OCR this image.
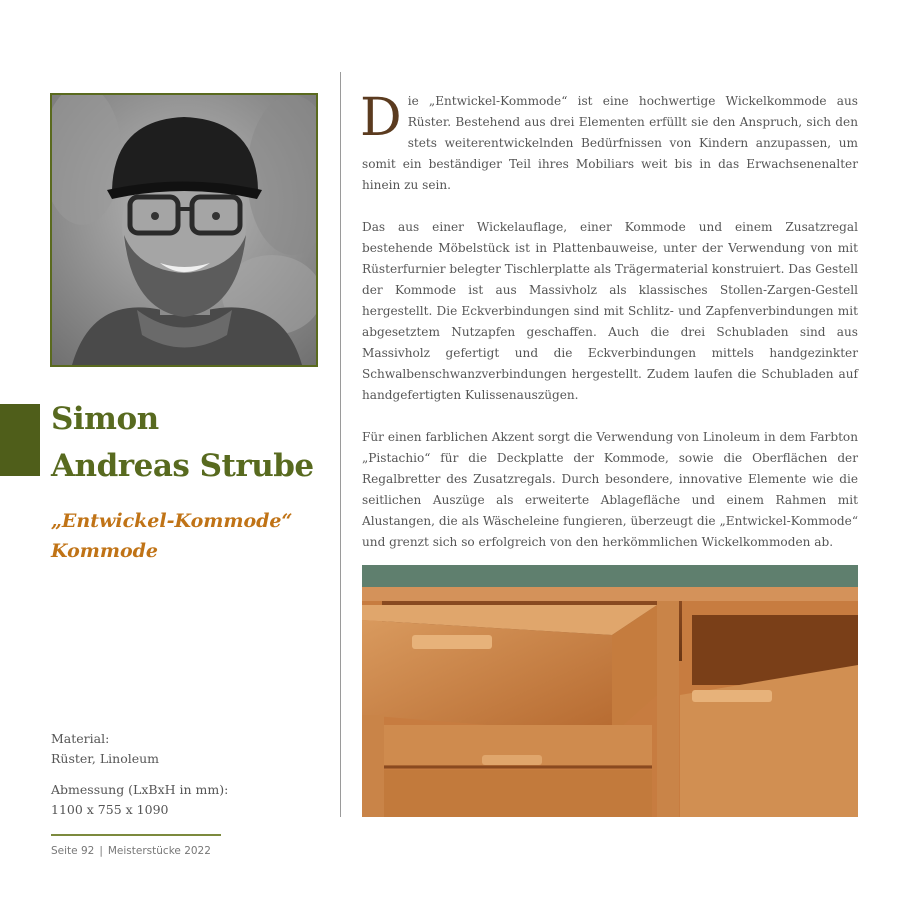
Simon
Andreas Strube
„Entwickel-Kommode“
Kommode
Material:
Rüster, Linoleum
Abmessung (LxBxH in mm):
1100 x 755 x 1090
Seite 92 | Meisterstücke 2022

Die „Entwickel-Kommode“ ist eine hochwertige Wickelkommode aus Rüster. Bestehend aus drei Elementen erfüllt sie den Anspruch, sich den stets weiterentwickelnden Bedürfnissen von Kindern anzupassen, um somit ein beständiger Teil ihres Mobiliars weit bis in das Erwachsenenalter hinein zu sein.

Das aus einer Wickelauflage, einer Kommode und einem Zusatzregal bestehende Möbelstück ist in Plattenbauweise, unter der Verwendung von mit Rüsterfurnier belegter Tischlerplatte als Trägermaterial konstruiert. Das Gestell der Kommode ist aus Massivholz als klassisches Stollen-Zargen-Gestell hergestellt. Die Eckverbindungen sind mit Schlitz- und Zapfenverbindungen mit abgesetztem Nutzapfen geschaffen. Auch die drei Schubladen sind aus Massivholz gefertigt und die Eckverbindungen mittels handgezinkter Schwalbenschwanzverbindungen hergestellt. Zudem laufen die Schubladen auf handgefertigten Kulissenauszügen.

Für einen farblichen Akzent sorgt die Verwendung von Linoleum in dem Farbton „Pistachio“ für die Deckplatte der Kommode, sowie die Oberflächen der Regalbretter des Zusatzregals. Durch besondere, innovative Elemente wie die seitlichen Auszüge als erweiterte Ablagefläche und einem Rahmen mit Alustangen, die als Wäscheleine fungieren, überzeugt die „Entwickel-Kommode“ und grenzt sich so erfolgreich von den herkömmlichen Wickelkommoden ab.
